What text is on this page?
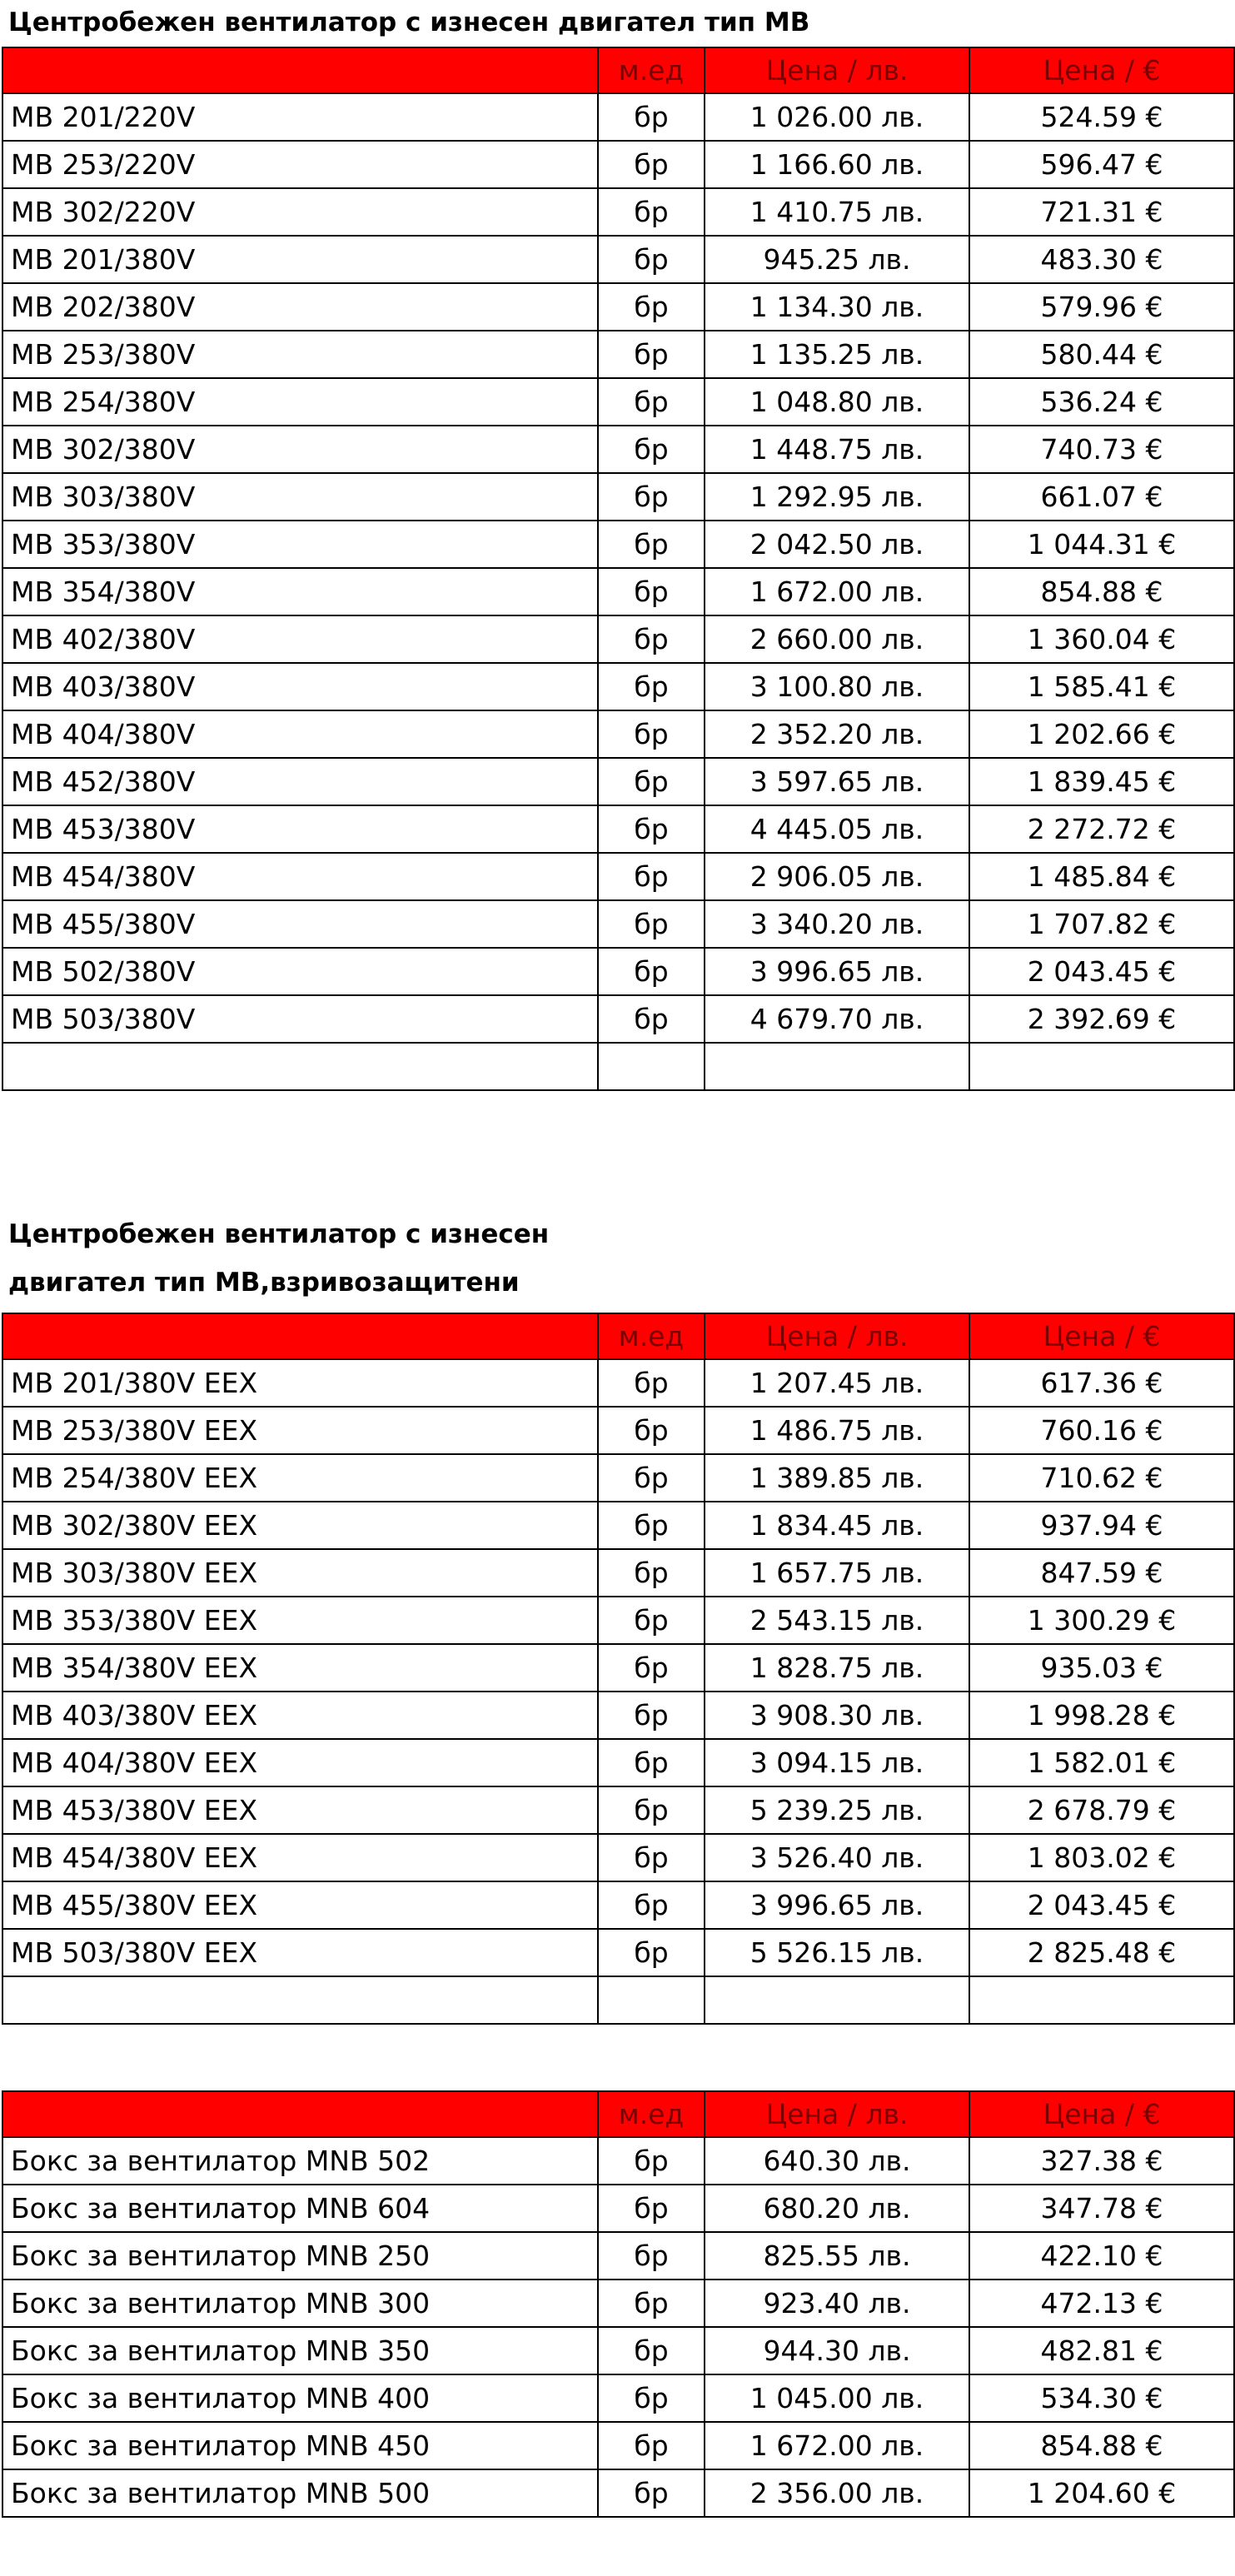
Центробежен вентилатор с изнесен двигател тип МВ
	м.ед	Цена / лв.	Цена / €
МВ 201/220V	бр	1 026.00 лв.	524.59 €
МВ 253/220V	бр	1 166.60 лв.	596.47 €
МВ 302/220V	бр	1 410.75 лв.	721.31 €
МВ 201/380V	бр	945.25 лв.	483.30 €
МВ 202/380V	бр	1 134.30 лв.	579.96 €
МВ 253/380V	бр	1 135.25 лв.	580.44 €
МВ 254/380V	бр	1 048.80 лв.	536.24 €
МВ 302/380V	бр	1 448.75 лв.	740.73 €
МВ 303/380V	бр	1 292.95 лв.	661.07 €
МВ 353/380V	бр	2 042.50 лв.	1 044.31 €
МВ 354/380V	бр	1 672.00 лв.	854.88 €
МВ 402/380V	бр	2 660.00 лв.	1 360.04 €
МВ 403/380V	бр	3 100.80 лв.	1 585.41 €
МВ 404/380V	бр	2 352.20 лв.	1 202.66 €
МВ 452/380V	бр	3 597.65 лв.	1 839.45 €
МВ 453/380V	бр	4 445.05 лв.	2 272.72 €
МВ 454/380V	бр	2 906.05 лв.	1 485.84 €
МВ 455/380V	бр	3 340.20 лв.	1 707.82 €
МВ 502/380V	бр	3 996.65 лв.	2 043.45 €
МВ 503/380V	бр	4 679.70 лв.	2 392.69 €

Центробежен вентилатор с изнесен
двигател тип МВ,взривозащитени
	м.ед	Цена / лв.	Цена / €
МВ 201/380V ЕЕХ	бр	1 207.45 лв.	617.36 €
МВ 253/380V ЕЕХ	бр	1 486.75 лв.	760.16 €
МВ 254/380V ЕЕХ	бр	1 389.85 лв.	710.62 €
МВ 302/380V ЕЕХ	бр	1 834.45 лв.	937.94 €
МВ 303/380V ЕЕХ	бр	1 657.75 лв.	847.59 €
МВ 353/380V ЕЕХ	бр	2 543.15 лв.	1 300.29 €
МВ 354/380V ЕЕХ	бр	1 828.75 лв.	935.03 €
МВ 403/380V ЕЕХ	бр	3 908.30 лв.	1 998.28 €
МВ 404/380V ЕЕХ	бр	3 094.15 лв.	1 582.01 €
МВ 453/380V ЕЕХ	бр	5 239.25 лв.	2 678.79 €
МВ 454/380V ЕЕХ	бр	3 526.40 лв.	1 803.02 €
МВ 455/380V ЕЕХ	бр	3 996.65 лв.	2 043.45 €
МВ 503/380V ЕЕХ	бр	5 526.15 лв.	2 825.48 €

	м.ед	Цена / лв.	Цена / €
Бокс за вентилатор MNB 502	бр	640.30 лв.	327.38 €
Бокс за вентилатор MNB 604	бр	680.20 лв.	347.78 €
Бокс за вентилатор MNB 250	бр	825.55 лв.	422.10 €
Бокс за вентилатор MNB 300	бр	923.40 лв.	472.13 €
Бокс за вентилатор MNB 350	бр	944.30 лв.	482.81 €
Бокс за вентилатор MNB 400	бр	1 045.00 лв.	534.30 €
Бокс за вентилатор MNB 450	бр	1 672.00 лв.	854.88 €
Бокс за вентилатор MNB 500	бр	2 356.00 лв.	1 204.60 €
